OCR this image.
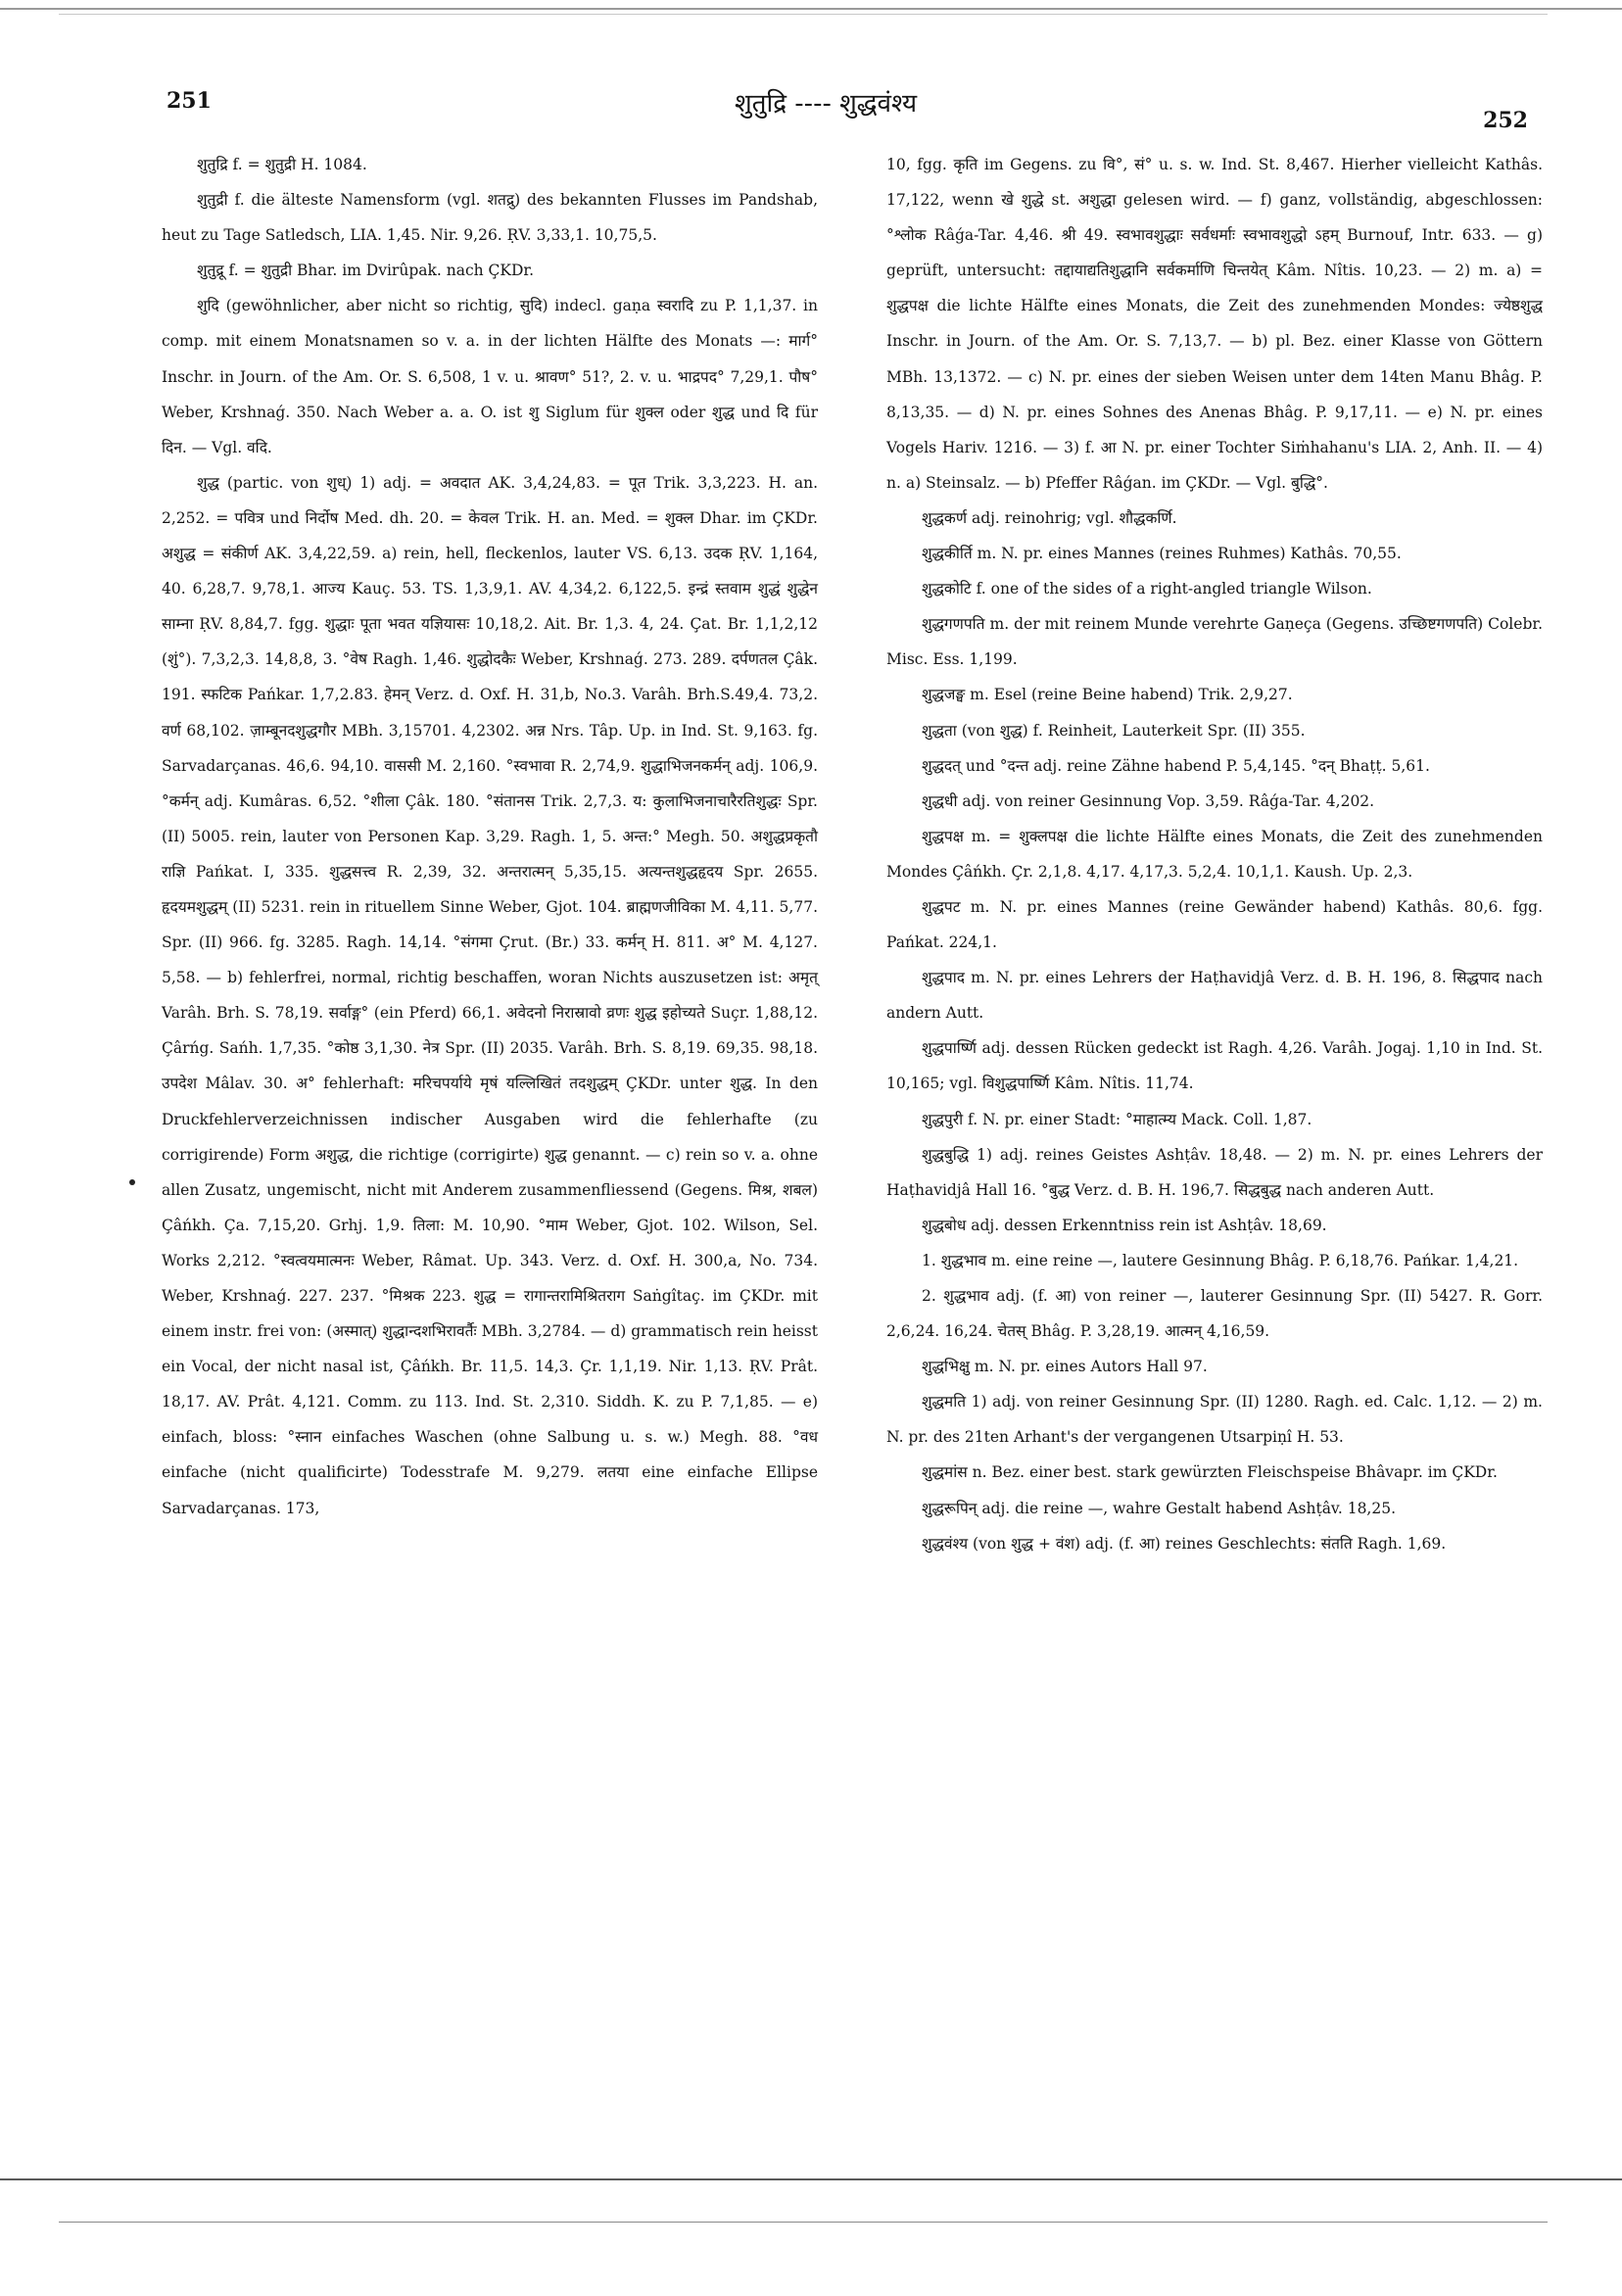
251	शुतुद्रि ---- शुद्धवंश्य
252

शुतुद्रि f. = शुतुद्री H. 1084.

शुतुद्री f. die älteste Namensform (vgl. शतद्रु) des bekannten Flusses im Pandshab, heut zu Tage Satledsch, LIA. 1,45. Nir. 9,26. ṚV. 3,33,1. 10,75,5.

शुतुद्रू f. = शुतुद्री Bhar. im Dvirûpak. nach ÇKDr.

शुदि (gewöhnlicher, aber nicht so richtig, सुदि) indecl. gaṇa स्वरादि zu P. 1,1,37. in comp. mit einem Monatsnamen so v. a. in der lichten Hälfte des Monats —: मार्ग° Inschr. in Journ. of the Am. Or. S. 6,508, 1 v. u. श्रावण° 51?, 2. v. u. भाद्रपद° 7,29,1. पौष° Weber, Krshnaǵ. 350. Nach Weber a. a. O. ist शु Siglum für शुक्ल oder शुद्ध und दि für दिन. — Vgl. वदि.

शुद्ध (partic. von शुध्) 1) adj. = अवदात AK. 3,4,24,83. = पूत Trik. 3,3,223. H. an. 2,252. = पवित्र und निर्दोष Med. dh. 20. = केवल Trik. H. an. Med. = शुक्ल Dhar. im ÇKDr. अशुद्ध = संकीर्ण AK. 3,4,22,59. a) rein, hell, fleckenlos, lauter VS. 6,13. उदक ṚV. 1,164, 40. 6,28,7. 9,78,1. आज्य Kauç. 53. TS. 1,3,9,1. AV. 4,34,2. 6,122,5. इन्द्रं स्तवाम शुद्धं शुद्धेन साम्ना ṚV. 8,84,7. fgg. शुद्धाः पूता भवत यज्ञियासः 10,18,2. Ait. Br. 1,3. 4, 24. Çat. Br. 1,1,2,12 (शुं°). 7,3,2,3. 14,8,8, 3. °वेष Ragh. 1,46. शुद्धोदकैः Weber, Krshnaǵ. 273. 289. दर्पणतल Çâk. 191. स्फटिक Pańkar. 1,7,2.83. हेमन् Verz. d. Oxf. H. 31,b, No.3. Varâh. Brh.S.49,4. 73,2. वर्ण 68,102. ज़ाम्बूनदशुद्धगौर MBh. 3,15701. 4,2302. अन्न Nrs. Tâp. Up. in Ind. St. 9,163. fg. Sarvadarçanas. 46,6. 94,10. वाससी M. 2,160. °स्वभावा R. 2,74,9. शुद्धाभिजनकर्मन् adj. 106,9. °कर्मन् adj. Kumâras. 6,52. °शीला Çâk. 180. °संतानस Trik. 2,7,3. य: कुलाभिजनाचारैरतिशुद्धः Spr. (II) 5005. rein, lauter von Personen Kap. 3,29. Ragh. 1, 5. अन्त:° Megh. 50. अशुद्धप्रकृतौ राज्ञि Pańkat. I, 335. शुद्धसत्त्व R. 2,39, 32. अन्तरात्मन् 5,35,15. अत्यन्तशुद्धहृदय Spr. 2655. हृदयमशुद्धम् (II) 5231. rein in rituellem Sinne Weber, Gjot. 104. ब्राह्मणजीविका M. 4,11. 5,77. Spr. (II) 966. fg. 3285. Ragh. 14,14. °संगमा Çrut. (Br.) 33. कर्मन् H. 811. अ° M. 4,127. 5,58. — b) fehlerfrei, normal, richtig beschaffen, woran Nichts auszusetzen ist: अमृत् Varâh. Brh. S. 78,19. सर्वाङ्ग° (ein Pferd) 66,1. अवेदनो निरास्रावो व्रणः शुद्ध इहोच्यते Suçr. 1,88,12. Çârńg. Sańh. 1,7,35. °कोष्ठ 3,1,30. नेत्र Spr. (II) 2035. Varâh. Brh. S. 8,19. 69,35. 98,18. उपदेश Mâlav. 30. अ° fehlerhaft: मरिचपर्याये मृषं यल्लिखितं तदशुद्धम् ÇKDr. unter शुद्ध. In den Druckfehlerverzeichnissen indischer Ausgaben wird die fehlerhafte (zu corrigirende) Form अशुद्ध, die richtige (corrigirte) शुद्ध genannt. — c) rein so v. a. ohne allen Zusatz, ungemischt, nicht mit Anderem zusammenfliessend (Gegens. मिश्र, शबल) Çâńkh. Ça. 7,15,20. Grhj. 1,9. तिला: M. 10,90. °माम Weber, Gjot. 102. Wilson, Sel. Works 2,212. °स्वत्वयमात्मनः Weber, Râmat. Up. 343. Verz. d. Oxf. H. 300,a, No. 734. Weber, Krshnaǵ. 227. 237. °मिश्रक 223. शुद्ध = रागान्तरामिश्रितराग Saṅgîtaç. im ÇKDr. mit einem instr. frei von: (अस्मात्) शुद्धान्दशभिरावर्तैः MBh. 3,2784. — d) grammatisch rein heisst ein Vocal, der nicht nasal ist, Çâńkh. Br. 11,5. 14,3. Çr. 1,1,19. Nir. 1,13. ṚV. Prât. 18,17. AV. Prât. 4,121. Comm. zu 113. Ind. St. 2,310. Siddh. K. zu P. 7,1,85. — e) einfach, bloss: °स्नान einfaches Waschen (ohne Salbung u. s. w.) Megh. 88. °वध einfache (nicht qualificirte) Todesstrafe M. 9,279. लतया eine einfache Ellipse Sarvadarçanas. 173,

10, fgg. कृति im Gegens. zu वि°, सं° u. s. w. Ind. St. 8,467. Hierher vielleicht Kathâs. 17,122, wenn खे शुद्धे st. अशुद्धा gelesen wird. — f) ganz, vollständig, abgeschlossen: °श्लोक Râǵa-Tar. 4,46. श्री 49. स्वभावशुद्धाः सर्वधर्माः स्वभावशुद्धो ऽहम् Burnouf, Intr. 633. — g) geprüft, untersucht: तद्दायाद्यतिशुद्धानि सर्वकर्माणि चिन्तयेत् Kâm. Nîtis. 10,23. — 2) m. a) = शुद्धपक्ष die lichte Hälfte eines Monats, die Zeit des zunehmenden Mondes: ज्येष्ठशुद्ध Inschr. in Journ. of the Am. Or. S. 7,13,7. — b) pl. Bez. einer Klasse von Göttern MBh. 13,1372. — c) N. pr. eines der sieben Weisen unter dem 14ten Manu Bhâg. P. 8,13,35. — d) N. pr. eines Sohnes des Anenas Bhâg. P. 9,17,11. — e) N. pr. eines Vogels Hariv. 1216. — 3) f. आ N. pr. einer Tochter Siṁhahanu's LIA. 2, Anh. II. — 4) n. a) Steinsalz. — b) Pfeffer Râǵan. im ÇKDr. — Vgl. बुद्धि°.

शुद्धकर्ण adj. reinohrig; vgl. शौद्धकर्णि.

शुद्धकीर्ति m. N. pr. eines Mannes (reines Ruhmes) Kathâs. 70,55.

शुद्धकोटि f. one of the sides of a right-angled triangle Wilson.

शुद्धगणपति m. der mit reinem Munde verehrte Gaṇeça (Gegens. उच्छिष्टगणपति) Colebr. Misc. Ess. 1,199.

शुद्धजङ्घ m. Esel (reine Beine habend) Trik. 2,9,27.

शुद्धता (von शुद्ध) f. Reinheit, Lauterkeit Spr. (II) 355.

शुद्धदत् und °दन्त adj. reine Zähne habend P. 5,4,145. °दन् Bhaṭṭ. 5,61.

शुद्धधी adj. von reiner Gesinnung Vop. 3,59. Râǵa-Tar. 4,202.

शुद्धपक्ष m. = शुक्लपक्ष die lichte Hälfte eines Monats, die Zeit des zunehmenden Mondes Çâńkh. Çr. 2,1,8. 4,17. 4,17,3. 5,2,4. 10,1,1. Kaush. Up. 2,3.

शुद्धपट m. N. pr. eines Mannes (reine Gewänder habend) Kathâs. 80,6. fgg. Pańkat. 224,1.

शुद्धपाद m. N. pr. eines Lehrers der Haṭhavidjâ Verz. d. B. H. 196, 8. सिद्धपाद nach andern Autt.

शुद्धपार्ष्णि adj. dessen Rücken gedeckt ist Ragh. 4,26. Varâh. Jogaj. 1,10 in Ind. St. 10,165; vgl. विशुद्धपार्ष्णि Kâm. Nîtis. 11,74.

शुद्धपुरी f. N. pr. einer Stadt: °माहात्म्य Mack. Coll. 1,87.

शुद्धबुद्धि 1) adj. reines Geistes Ashṭâv. 18,48. — 2) m. N. pr. eines Lehrers der Haṭhavidjâ Hall 16. °बुद्ध Verz. d. B. H. 196,7. सिद्धबुद्ध nach anderen Autt.

शुद्धबोध adj. dessen Erkenntniss rein ist Ashṭâv. 18,69.

1. शुद्धभाव m. eine reine —, lautere Gesinnung Bhâg. P. 6,18,76. Pańkar. 1,4,21.

2. शुद्धभाव adj. (f. आ) von reiner —, lauterer Gesinnung Spr. (II) 5427. R. Gorr. 2,6,24. 16,24. चेतस् Bhâg. P. 3,28,19. आत्मन् 4,16,59.

शुद्धभिक्षु m. N. pr. eines Autors Hall 97.

शुद्धमति 1) adj. von reiner Gesinnung Spr. (II) 1280. Ragh. ed. Calc. 1,12. — 2) m. N. pr. des 21ten Arhant's der vergangenen Utsarpiṇî H. 53.

शुद्धमांस n. Bez. einer best. stark gewürzten Fleischspeise Bhâvapr. im ÇKDr.

शुद्धरूपिन् adj. die reine —, wahre Gestalt habend Ashṭâv. 18,25.

शुद्धवंश्य (von शुद्ध + वंश) adj. (f. आ) reines Geschlechts: संतति Ragh. 1,69.
